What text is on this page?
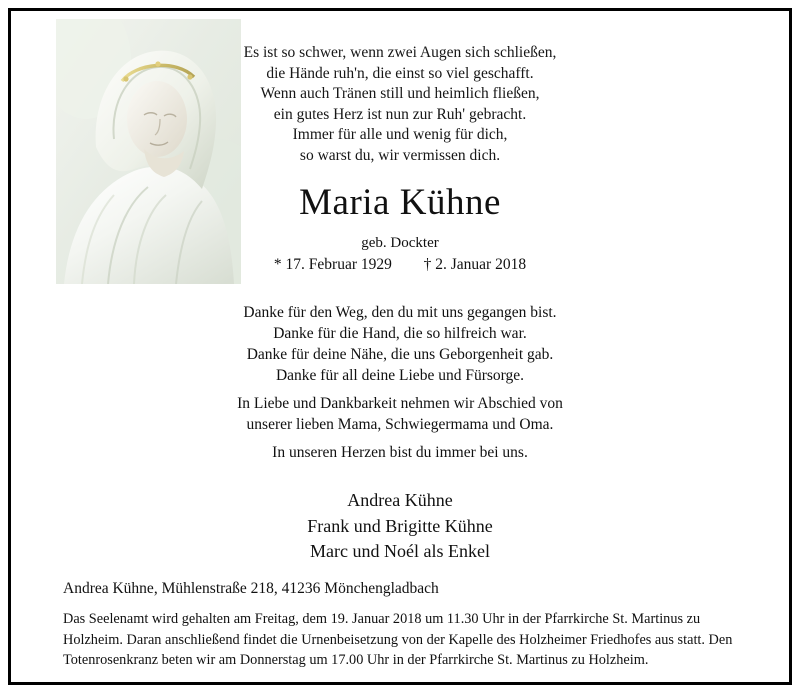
Es ist so schwer, wenn zwei Augen sich schließen,
die Hände ruh'n, die einst so viel geschafft.
Wenn auch Tränen still und heimlich fließen,
ein gutes Herz ist nun zur Ruh' gebracht.
Immer für alle und wenig für dich,
so warst du, wir vermissen dich.
Maria Kühne
geb. Dockter
* 17. Februar 1929 † 2. Januar 2018
Danke für den Weg, den du mit uns gegangen bist.
Danke für die Hand, die so hilfreich war.
Danke für deine Nähe, die uns Geborgenheit gab.
Danke für all deine Liebe und Fürsorge.
In Liebe und Dankbarkeit nehmen wir Abschied von
unserer lieben Mama, Schwiegermama und Oma.
In unseren Herzen bist du immer bei uns.
Andrea Kühne
Frank und Brigitte Kühne
Marc und Noél als Enkel
Andrea Kühne, Mühlenstraße 218, 41236 Mönchengladbach
Das Seelenamt wird gehalten am Freitag, dem 19. Januar 2018 um 11.30 Uhr in der Pfarrkirche St. Martinus zu Holzheim. Daran anschließend findet die Urnenbeisetzung von der Kapelle des Holzheimer Friedhofes aus statt. Den Totenrosenkranz beten wir am Donnerstag um 17.00 Uhr in der Pfarrkirche St. Martinus zu Holzheim.
